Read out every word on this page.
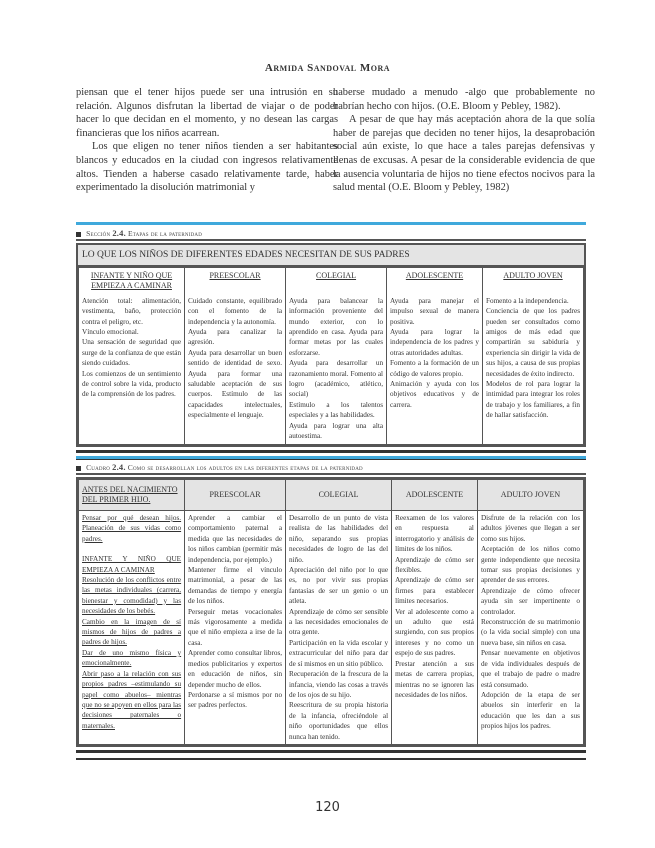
Armida Sandoval Mora

piensan que el tener hijos puede ser una intrusión en su relación. Algunos disfrutan la libertad de viajar o de poder hacer lo que decidan en el momento, y no desean las cargas financieras que los niños acarrean.

Los que eligen no tener niños tienden a ser habitantes blancos y educados en la ciudad con ingresos relativamente altos. Tienden a haberse casado relativamente tarde, haber experimentado la disolución matrimonial y

haberse mudado a menudo -algo que probablemente no habrían hecho con hijos. (O.E. Bloom y Pebley, 1982).

A pesar de que hay más aceptación ahora de la que solía haber de parejas que deciden no tener hijos, la desaprobación social aún existe, lo que hace a tales parejas defensivas y llenas de excusas. A pesar de la considerable evidencia de que la ausencia voluntaria de hijos no tiene efectos nocivos para la salud mental (O.E. Bloom y Pebley, 1982)

Sección 2.4. Etapas de la paternidad
LO QUE LOS NIÑOS DE DIFERENTES EDADES NECESITAN DE SUS PADRES
INFANTE Y NIÑO QUE EMPIEZA A CAMINAR	PREESCOLAR	COLEGIAL	ADOLESCENTE	ADULTO JOVEN

Atención total: alimentación, vestimenta, baño, protección contra el peligro, etc.
Vínculo emocional.
Una sensación de seguridad que surge de la confianza de que están siendo cuidados.
Los comienzos de un sentimiento de control sobre la vida, producto de la comprensión de los padres.

Cuidado constante, equilibrado con el fomento de la independencia y la autonomía.
Ayuda para canalizar la agresión.
Ayuda para desarrollar un buen sentido de identidad de sexo. Ayuda para formar una saludable aceptación de sus cuerpos. Estímulo de las capacidades intelectuales, especialmente el lenguaje.

Ayuda para balancear la información proveniente del mundo exterior, con lo aprendido en casa. Ayuda para formar metas por las cuales esforzarse.
Ayuda para desarrollar un razonamiento moral. Fomento al logro (académico, atlético, social)
Estímulo a los talentos especiales y a las habilidades.
Ayuda para lograr una alta autoestima.

Ayuda para manejar el impulso sexual de manera positiva.
Ayuda para lograr la independencia de los padres y otras autoridades adultas.
Fomento a la formación de un código de valores propio.
Animación y ayuda con los objetivos educativos y de carrera.

Fomento a la independencia.
Conciencia de que los padres pueden ser consultados como amigos de más edad que compartirán su sabiduría y experiencia sin dirigir la vida de sus hijos, a causa de sus propias necesidades de éxito indirecto.
Modelos de rol para lograr la intimidad para integrar los roles de trabajo y los familiares, a fin de hallar satisfacción.
Cuadro 2.4. Como se desarrollan los adultos en las diferentes etapas de la paternidad
ANTES DEL NACIMIENTO DEL PRIMER HIJO.	PREESCOLAR	COLEGIAL	ADOLESCENTE	ADULTO JOVEN

Pensar por qué desean hijos. Planeación de sus vidas como padres.
INFANTE Y NIÑO QUE EMPIEZA A CAMINAR
Resolución de los conflictos entre las metas individuales (carrera, bienestar y comodidad) y las necesidades de los bebés.
Cambio en la imagen de sí mismos de hijos de padres a padres de hijos.
Dar de uno mismo física y emocionalmente.
Abrir paso a la relación con sus propios padres –estimulando su papel como abuelos– mientras que no se apoyen en ellos para las decisiones paternales o maternales.

Aprender a cambiar el comportamiento paternal a medida que las necesidades de los niños cambian (permitir más independencia, por ejemplo.)
Mantener firme el vínculo matrimonial, a pesar de las demandas de tiempo y energía de los niños.
Perseguir metas vocacionales más vigorosamente a medida que el niño empieza a irse de la casa.
Aprender como consultar libros, medios publicitarios y expertos en educación de niños, sin depender mucho de ellos.
Perdonarse a sí mismos por no ser padres perfectos.

Desarrollo de un punto de vista realista de las habilidades del niño, separando sus propias necesidades de logro de las del niño.
Apreciación del niño por lo que es, no por vivir sus propias fantasías de ser un genio o un atleta.
Aprendizaje de cómo ser sensible a las necesidades emocionales de otra gente.
Participación en la vida escolar y extracurricular del niño para dar de sí mismos en un sitio público.
Recuperación de la frescura de la infancia, viendo las cosas a través de los ojos de su hijo.
Reescritura de su propia historia de la infancia, ofreciéndole al niño oportunidades que ellos nunca han tenido.

Reexamen de los valores en respuesta al interrogatorio y análisis de límites de los niños.
Aprendizaje de cómo ser flexibles.
Aprendizaje de cómo ser firmes para establecer límites necesarios.
Ver al adolescente como a un adulto que está surgiendo, con sus propios intereses y no como un espejo de sus padres.
Prestar atención a sus metas de carrera propias, mientras no se ignoren las necesidades de los niños.

Disfrute de la relación con los adultos jóvenes que llegan a ser como sus hijos.
Aceptación de los niños como gente independiente que necesita tomar sus propias decisiones y aprender de sus errores.
Aprendizaje de cómo ofrecer ayuda sin ser impertinente o controlador.
Reconstrucción de su matrimonio (o la vida social simple) con una nueva base, sin niños en casa.
Pensar nuevamente en objetivos de vida individuales después de que el trabajo de padre o madre está consumado.
Adopción de la etapa de ser abuelos sin interferir en la educación que les dan a sus propios hijos los padres.
120
